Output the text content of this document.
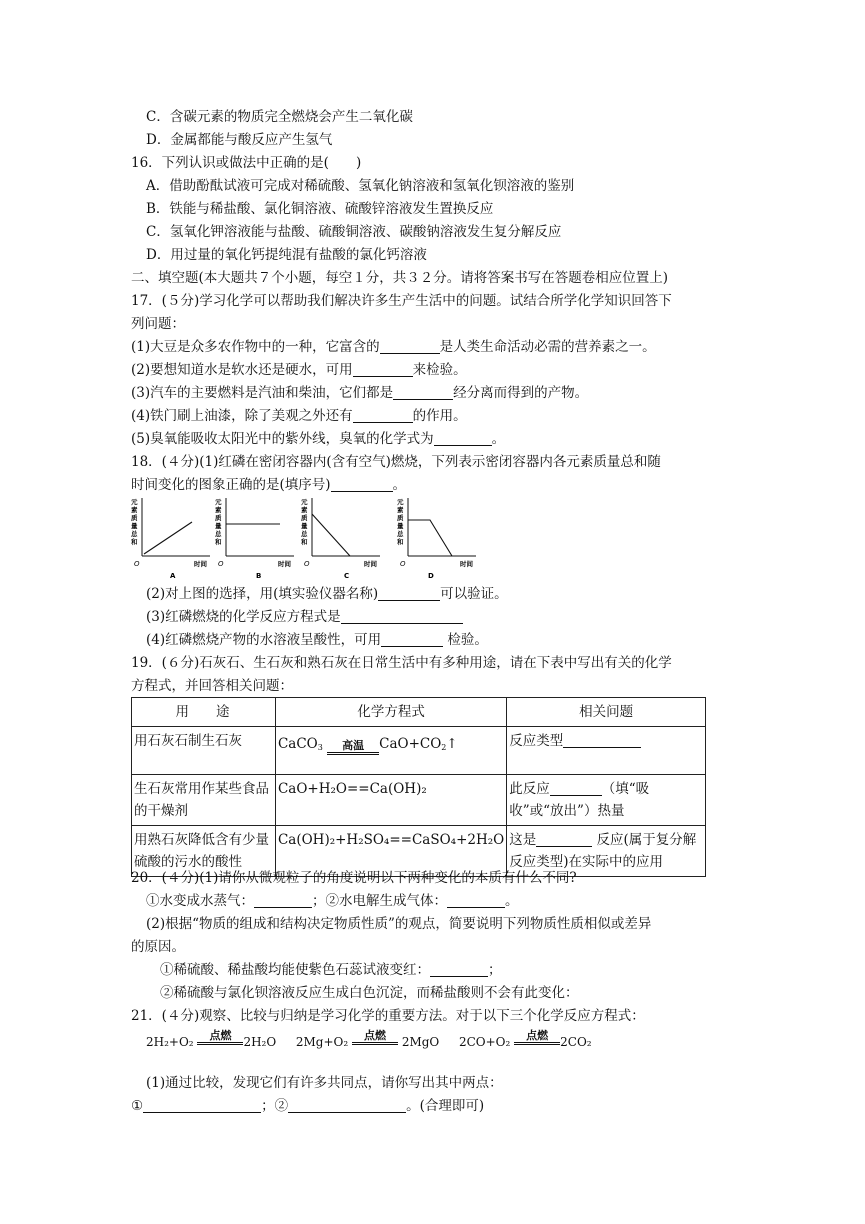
C．含碳元素的物质完全燃烧会产生二氧化碳
D．金属都能与酸反应产生氢气
16．下列认识或做法中正确的是(　　)
A．借助酚酞试液可完成对稀硫酸、氢氧化钠溶液和氢氧化钡溶液的鉴别
B．铁能与稀盐酸、氯化铜溶液、硫酸锌溶液发生置换反应
C．氢氧化钾溶液能与盐酸、硫酸铜溶液、碳酸钠溶液发生复分解反应
D．用过量的氧化钙提纯混有盐酸的氯化钙溶液
二、填空题(本大题共７个小题，每空１分，共３２分。请将答案书写在答题卷相应位置上)
17．(５分)学习化学可以帮助我们解决许多生产生活中的问题。试结合所学化学知识回答下
列问题：
(1)大豆是众多农作物中的一种，它富含的	是人类生命活动必需的营养素之一。
(2)要想知道水是软水还是硬水，可用	来检验。
(3)汽车的主要燃料是汽油和柴油，它们都是	经分离而得到的产物。
(4)铁门刷上油漆，除了美观之外还有	的作用。
(5)臭氧能吸收太阳光中的紫外线，臭氧的化学式为	。
18．(４分)(1)红磷在密闭容器内(含有空气)燃烧，下列表示密闭容器内各元素质量总和随
时间变化的图象正确的是(填序号)	。
元素质量总和
O	时间
A
元素质量总和
O	时间
B
元素质量总和
O	时间
C
元素质量总和
O	时间
D
(2)对上图的选择，用(填实验仪器名称)	可以验证。
(3)红磷燃烧的化学反应方程式是
(4)红磷燃烧产物的水溶液呈酸性，可用	检验。
19．(６分)石灰石、生石灰和熟石灰在日常生活中有多种用途，请在下表中写出有关的化学
方程式，并回答相关问题：
用　　途	化学方程式	相关问题
用石灰石制生石灰	CaCO$_3$ 高温 $CaO+CO_2↑$	反应类型
生石灰常用作某些食品的干燥剂	CaO+H₂O==Ca(OH)₂	此反应 （填“吸收”或“放出”）热量
用熟石灰降低含有少量硫酸的污水的酸性	Ca(OH)₂+H₂SO₄==CaSO₄+2H₂O	这是 反应(属于复分解反应类型)在实际中的应用
20．(４分)(1)请你从微观粒子的角度说明以下两种变化的本质有什么不同?
①水变成水蒸气：	；②水电解生成气体：	。
(2)根据“物质的组成和结构决定物质性质”的观点，简要说明下列物质性质相似或差异
的原因。
①稀硫酸、稀盐酸均能使紫色石蕊试液变红：	；
②稀硫酸与氯化钡溶液反应生成白色沉淀，而稀盐酸则不会有此变化：
21．(４分)观察、比较与归纳是学习化学的重要方法。对于以下三个化学反应方程式：
2H₂+O₂	点燃	2H₂O 2Mg+O₂	点燃	2MgO 2CO+O₂	点燃	2CO₂
(1)通过比较，发现它们有许多共同点，请你写出其中两点：
①	；②	。(合理即可)
